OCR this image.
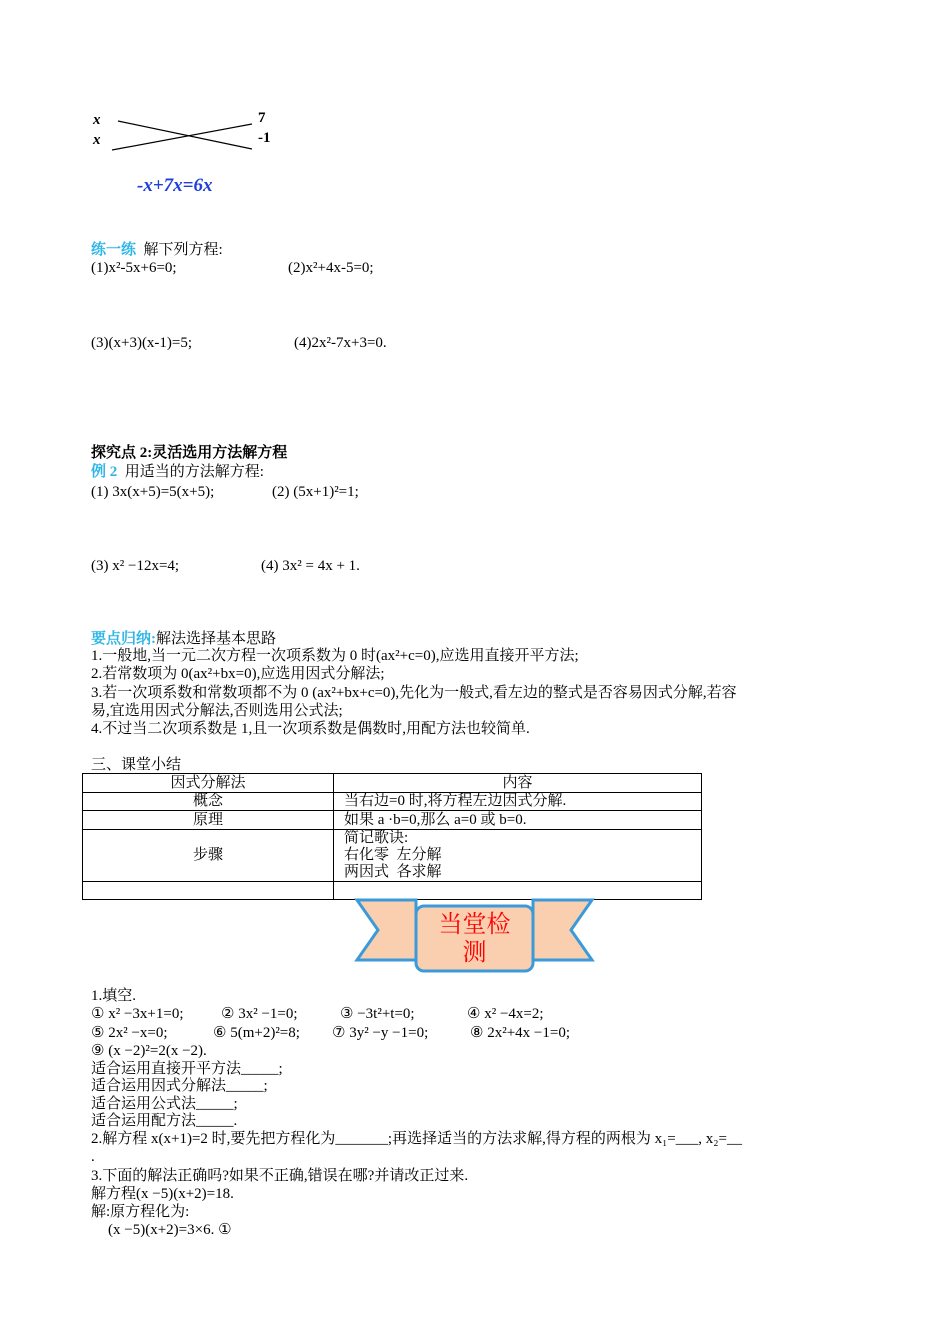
x
x
7
-1
-x+7x=6x
练一练 解下列方程:
(1)x²-5x+6=0;	(2)x²+4x-5=0;
(3)(x+3)(x-1)=5;	(4)2x²-7x+3=0.
探究点 2:灵活选用方法解方程
例 2 用适当的方法解方程:
(1) 3x(x+5)=5(x+5);	(2) (5x+1)²=1;
(3) x² −12x=4;	(4) 3x² = 4x + 1.
要点归纳:解法选择基本思路
1.一般地,当一元二次方程一次项系数为 0 时(ax²+c=0),应选用直接开平方法;
2.若常数项为 0(ax²+bx=0),应选用因式分解法;
3.若一次项系数和常数项都不为 0 (ax²+bx+c=0),先化为一般式,看左边的整式是否容易因式分解,若容
易,宜选用因式分解法,否则选用公式法;
4.不过当二次项系数是 1,且一次项系数是偶数时,用配方法也较简单.
三、课堂小结
因式分解法	内容
概念	当右边=0 时,将方程左边因式分解.
原理	如果 a ·b=0,那么 a=0 或 b=0.
步骤	简记歌诀:
右化零  左分解
两因式  各求解

当堂检
测
1.填空.
① x² −3x+1=0;	② 3x² −1=0;	③ −3t²+t=0;	④ x² −4x=2;
⑤ 2x² −x=0;	⑥ 5(m+2)²=8; ⑦ 3y² −y −1=0;	⑧ 2x²+4x −1=0;
⑨ (x −2)²=2(x −2).
适合运用直接开平方法_____;
适合运用因式分解法_____;
适合运用公式法_____;
适合运用配方法_____.
2.解方程 x(x+1)=2 时,要先把方程化为_______;再选择适当的方法求解,得方程的两根为 x₁=___, x₂=__
.
3.下面的解法正确吗?如果不正确,错误在哪?并请改正过来.
解方程(x −5)(x+2)=18.
解:原方程化为:
(x −5)(x+2)=3×6. ①
